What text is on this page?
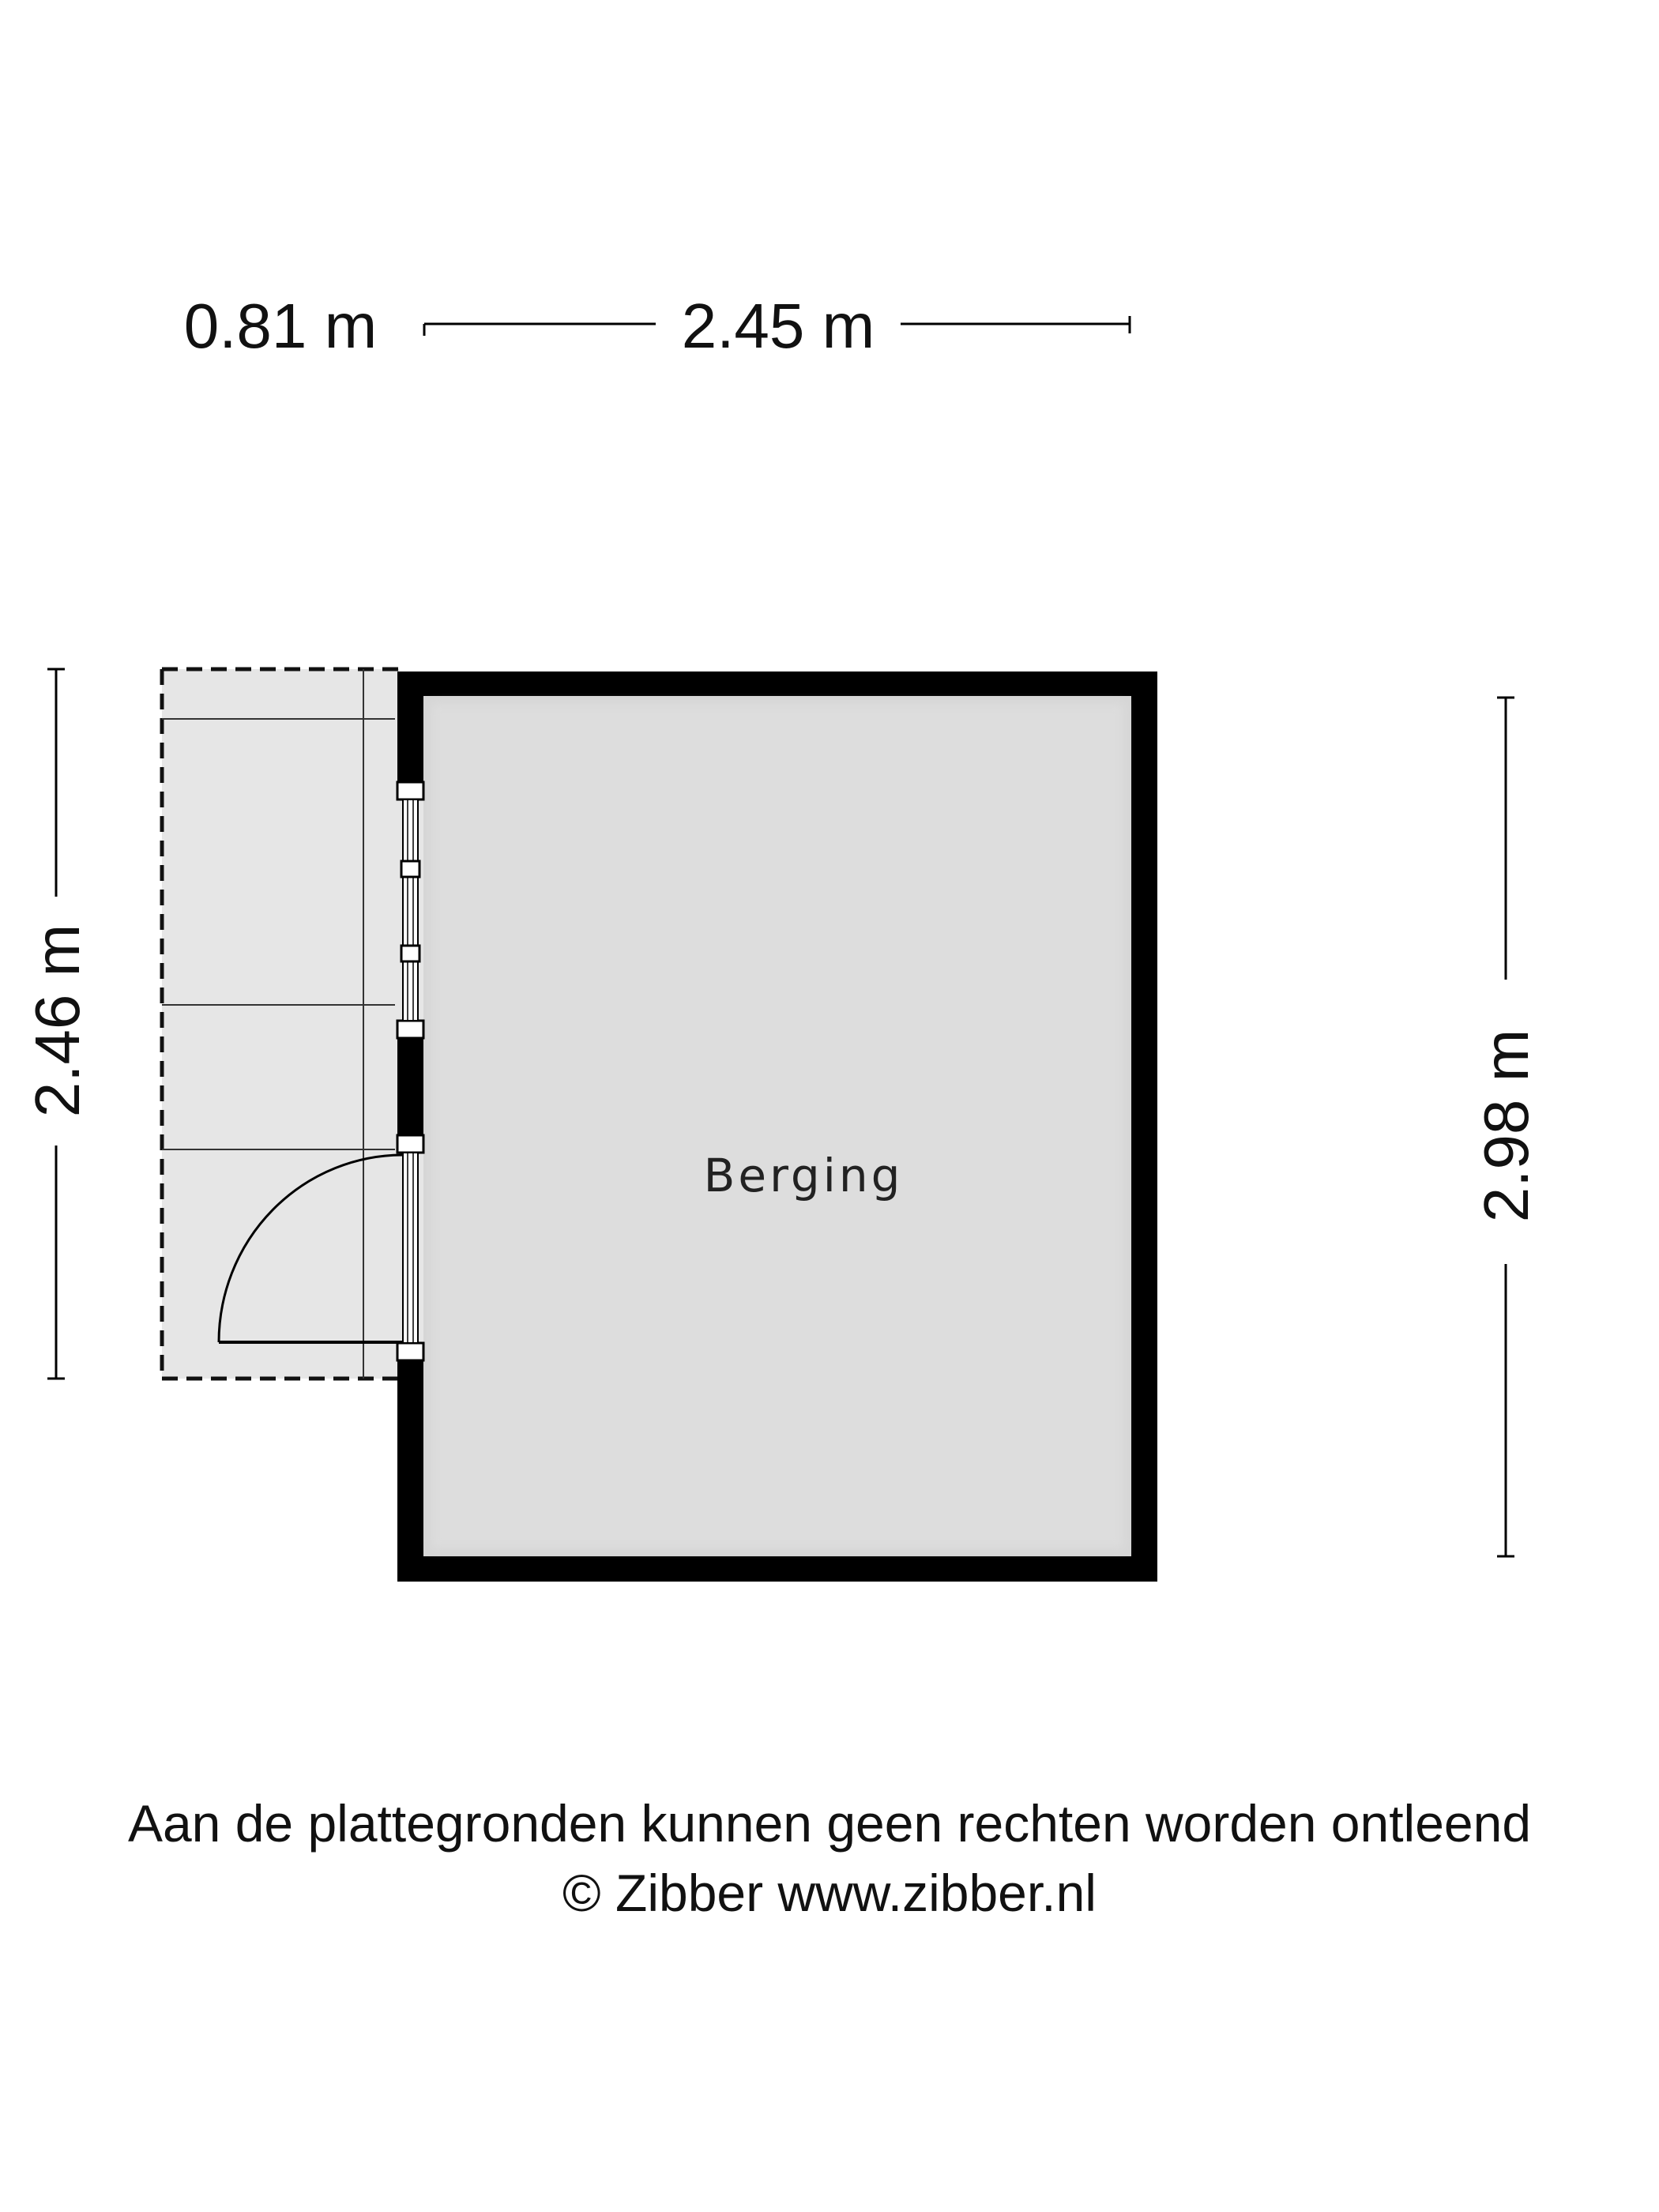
0.81 m	2.45 m
2.46 m
2.98 m
Berging
Aan de plattegronden kunnen geen rechten worden ontleend
© Zibber www.zibber.nl
